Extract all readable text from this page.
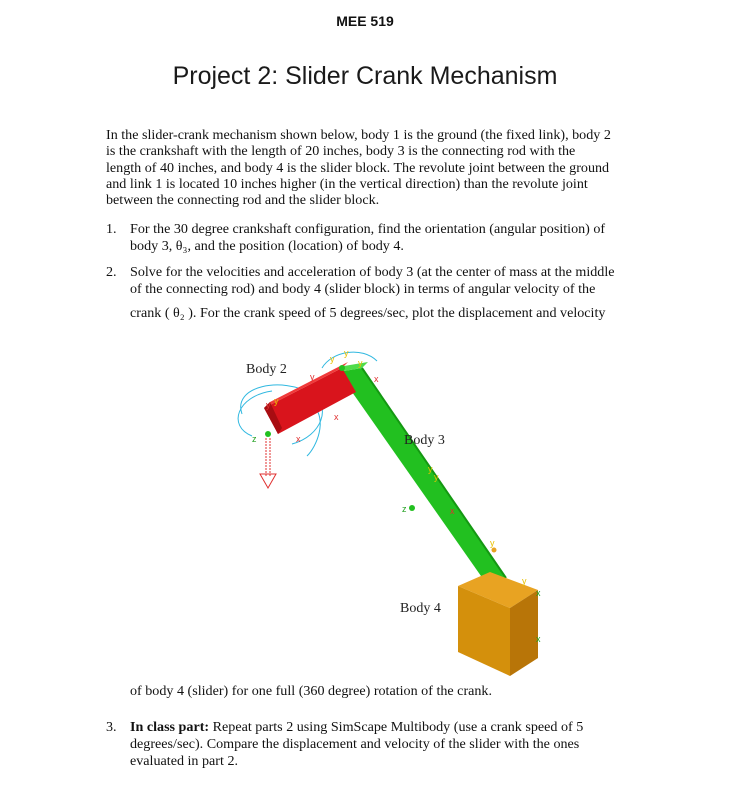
MEE 519
Project 2: Slider Crank Mechanism

In the slider-crank mechanism shown below, body 1 is the ground (the fixed link), body 2
is the crankshaft with the length of 20 inches, body 3 is the connecting rod with the
length of 40 inches, and body 4 is the slider block. The revolute joint between the ground
and link 1 is located 10 inches higher (in the vertical direction) than the revolute joint
between the connecting rod and the slider block.

1. For the 30 degree crankshaft configuration, find the orientation (angular position) of
body 3, θ₃, and the position (location) of body 4.
2. Solve for the velocities and acceleration of body 3 (at the center of mass at the middle
of the connecting rod) and body 4 (slider block) in terms of angular velocity of the
crank ( θ₂ ). For the crank speed of 5 degrees/sec, plot the displacement and velocity
y
y
y
x
y
y y
x
x
z
y
y
x
z
y
y
x
x
Body 2
Body 3
Body 4
of body 4 (slider) for one full (360 degree) rotation of the crank.
3. In class part: Repeat parts 2 using SimScape Multibody (use a crank speed of 5
degrees/sec). Compare the displacement and velocity of the slider with the ones
evaluated in part 2.
